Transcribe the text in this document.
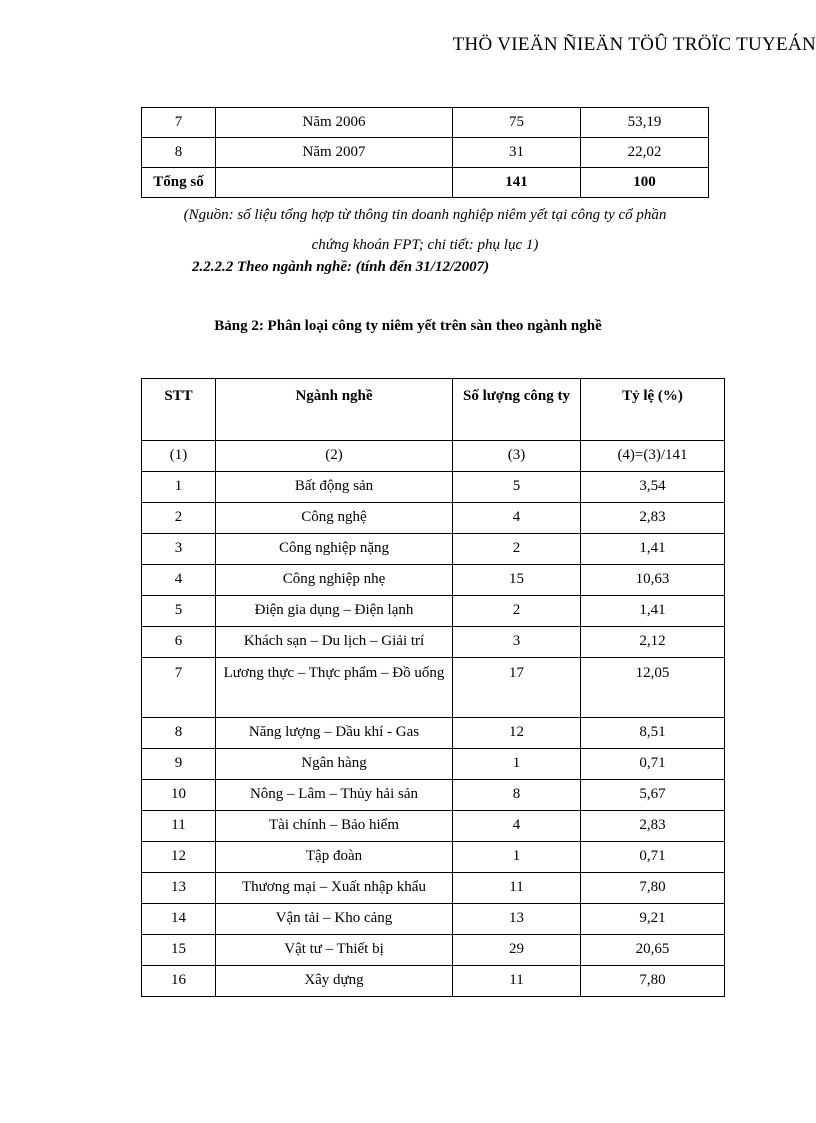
THÖ VIEÄN ÑIEÄN TÖÛ TRÖÏC TUYEÁN
7	Năm 2006	75	53,19
8	Năm 2007	31	22,02
Tổng số		141	100
(Nguồn: số liệu tổng hợp từ thông tin doanh nghiệp niêm yết tại công ty cổ phần
chứng khoán FPT; chi tiết: phụ lục 1)
2.2.2.2 Theo ngành nghề: (tính đến 31/12/2007)
Bảng 2: Phân loại công ty niêm yết trên sàn theo ngành nghề
STT	Ngành nghề	Số lượng công ty	Tỷ lệ (%)
(1)	(2)	(3)	(4)=(3)/141
1	Bất động sản	5	3,54
2	Công nghệ	4	2,83
3	Công nghiệp nặng	2	1,41
4	Công nghiệp nhẹ	15	10,63
5	Điện gia dụng – Điện lạnh	2	1,41
6	Khách sạn – Du lịch – Giải trí	3	2,12
7	Lương thực – Thực phẩm – Đồ uống	17	12,05
8	Năng lượng – Dầu khí - Gas	12	8,51
9	Ngân hàng	1	0,71
10	Nông – Lâm – Thủy hải sản	8	5,67
11	Tài chính – Bảo hiểm	4	2,83
12	Tập đoàn	1	0,71
13	Thương mại – Xuất nhập khẩu	11	7,80
14	Vận tải – Kho cảng	13	9,21
15	Vật tư – Thiết bị	29	20,65
16	Xây dựng	11	7,80
